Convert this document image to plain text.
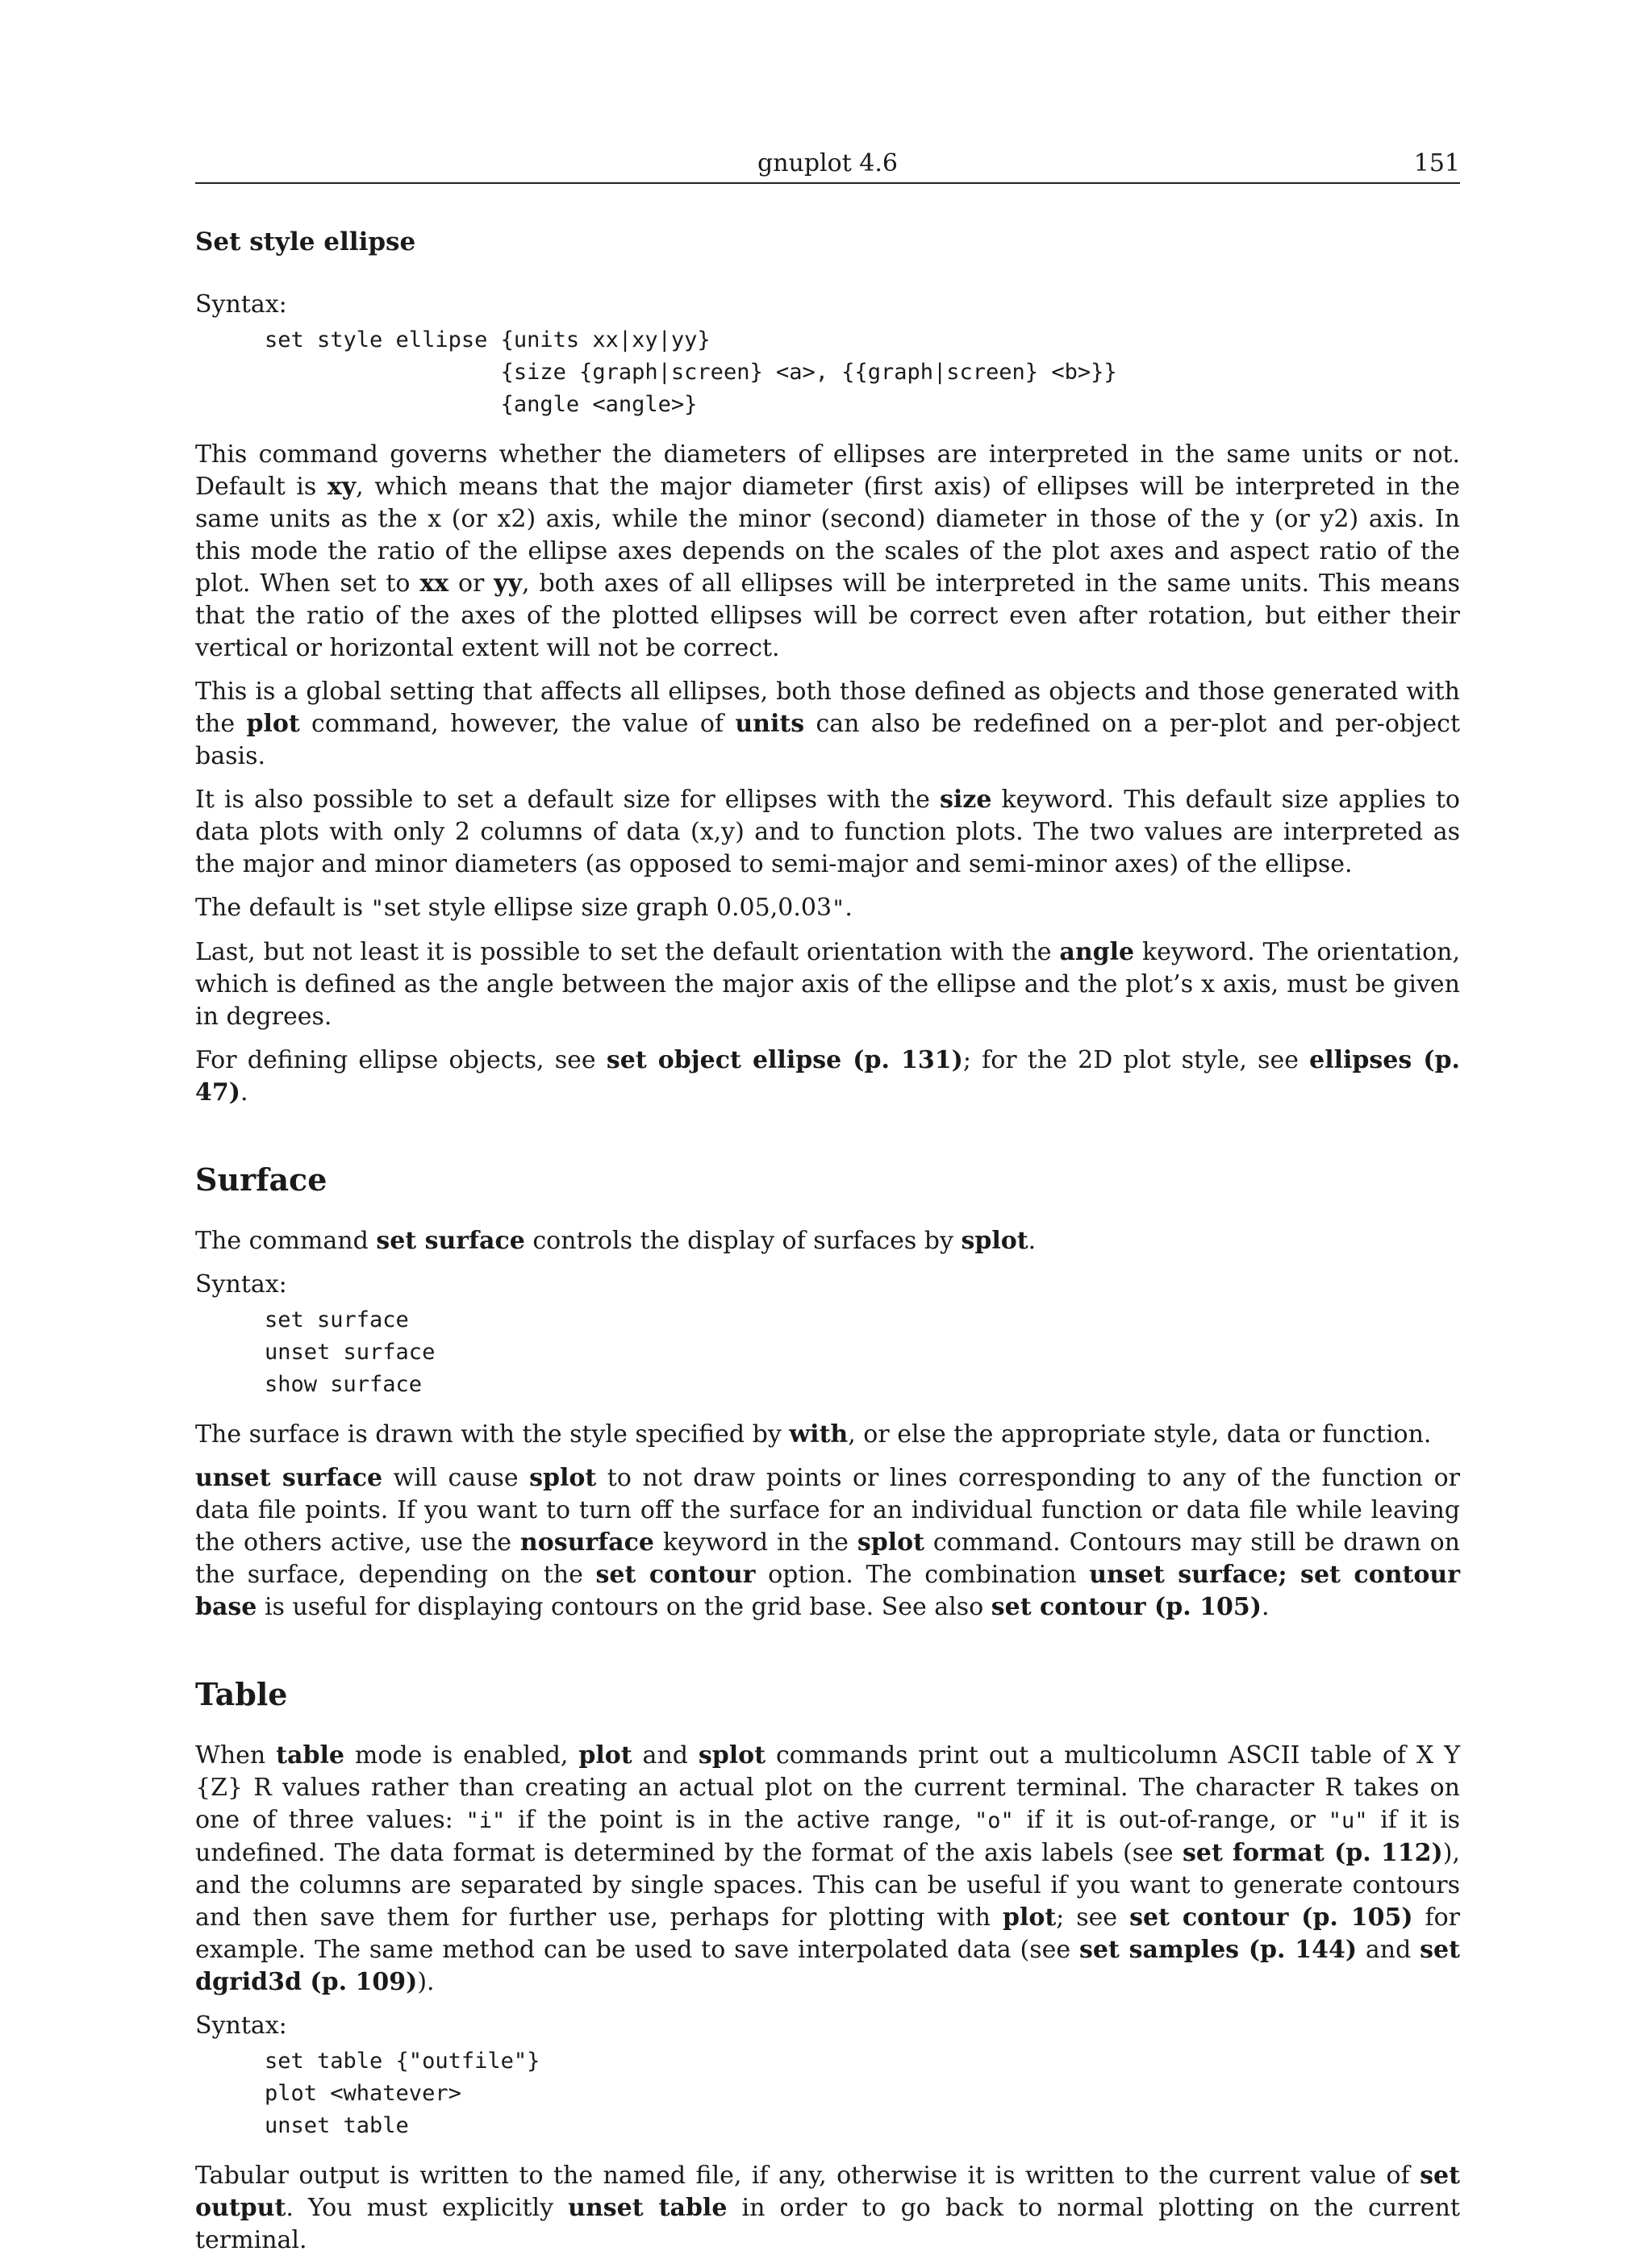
gnuplot 4.6	151
Set style ellipse

Syntax:

set style ellipse {units xx|xy|yy}
{size {graph|screen} <a>, {{graph|screen} <b>}}
{angle <angle>}

This command governs whether the diameters of ellipses are interpreted in the same units or not. Default is xy, which means that the major diameter (first axis) of ellipses will be interpreted in the same units as the x (or x2) axis, while the minor (second) diameter in those of the y (or y2) axis. In this mode the ratio of the ellipse axes depends on the scales of the plot axes and aspect ratio of the plot. When set to xx or yy, both axes of all ellipses will be interpreted in the same units. This means that the ratio of the axes of the plotted ellipses will be correct even after rotation, but either their vertical or horizontal extent will not be correct.

This is a global setting that affects all ellipses, both those defined as objects and those generated with the plot command, however, the value of units can also be redefined on a per-plot and per-object basis.

It is also possible to set a default size for ellipses with the size keyword. This default size applies to data plots with only 2 columns of data (x,y) and to function plots. The two values are interpreted as the major and minor diameters (as opposed to semi-major and semi-minor axes) of the ellipse.

The default is "set style ellipse size graph 0.05,0.03".

Last, but not least it is possible to set the default orientation with the angle keyword. The orientation, which is defined as the angle between the major axis of the ellipse and the plot’s x axis, must be given in degrees.

For defining ellipse objects, see set object ellipse (p. 131); for the 2D plot style, see ellipses (p. 47).

Surface

The command set surface controls the display of surfaces by splot.

Syntax:

set surface
unset surface
show surface

The surface is drawn with the style specified by with, or else the appropriate style, data or function.

unset surface will cause splot to not draw points or lines corresponding to any of the function or data file points. If you want to turn off the surface for an individual function or data file while leaving the others active, use the nosurface keyword in the splot command. Contours may still be drawn on the surface, depending on the set contour option. The combination unset surface; set contour base is useful for displaying contours on the grid base. See also set contour (p. 105).

Table

When table mode is enabled, plot and splot commands print out a multicolumn ASCII table of X Y {Z} R values rather than creating an actual plot on the current terminal. The character R takes on one of three values: "i" if the point is in the active range, "o" if it is out-of-range, or "u" if it is undefined. The data format is determined by the format of the axis labels (see set format (p. 112)), and the columns are separated by single spaces. This can be useful if you want to generate contours and then save them for further use, perhaps for plotting with plot; see set contour (p. 105) for example. The same method can be used to save interpolated data (see set samples (p. 144) and set dgrid3d (p. 109)).

Syntax:

set table {"outfile"}
plot <whatever>
unset table

Tabular output is written to the named file, if any, otherwise it is written to the current value of set output. You must explicitly unset table in order to go back to normal plotting on the current terminal.
